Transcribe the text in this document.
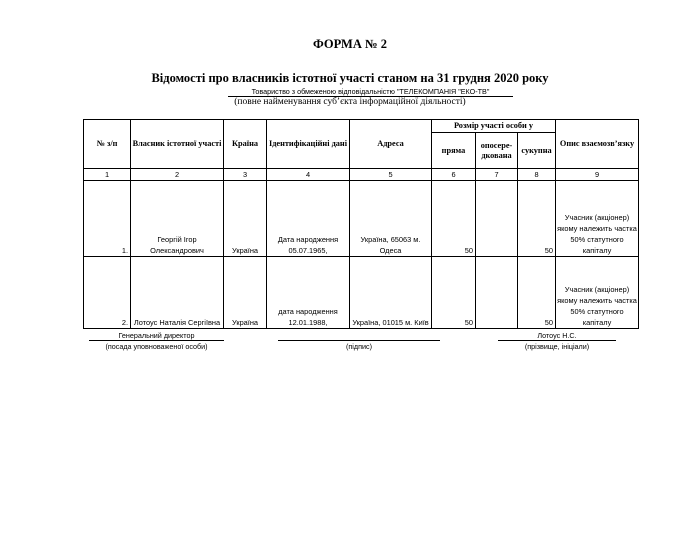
ФОРМА № 2
Відомості про власників істотної участі станом на 31 грудня 2020 року
Товариство з обмеженою відповідальністю "ТЕЛЕКОМПАНІЯ "ЕКО-ТВ"
(повне найменування суб’єкта інформаційної діяльності)
№ з/п	Власник істотної участі	Країна	Ідентифікаційні дані	Адреса	Розмір участі особи у			Опис взаємозв’язку
					пряма	опосере-дкована	сукупна	
1	2	3	4	5	6	7	8	9
1.	Георгій Ігор Олександрович	Україна	Дата народження 05.07.1965,	Україна, 65063 м. Одеса	50		50	Учасник (акціонер) якому належить частка 50% статутного капіталу
2.	Лотоус Наталія Сергіївна	Україна	дата народження 12.01.1988,	Україна, 01015 м. Київ	50		50	Учасник (акціонер) якому належить частка 50% статутного капіталу
Генеральний директор
(посада уповноваженої особи)	(підпис)
Лотоус Н.С.
(прізвище, ініціали)
